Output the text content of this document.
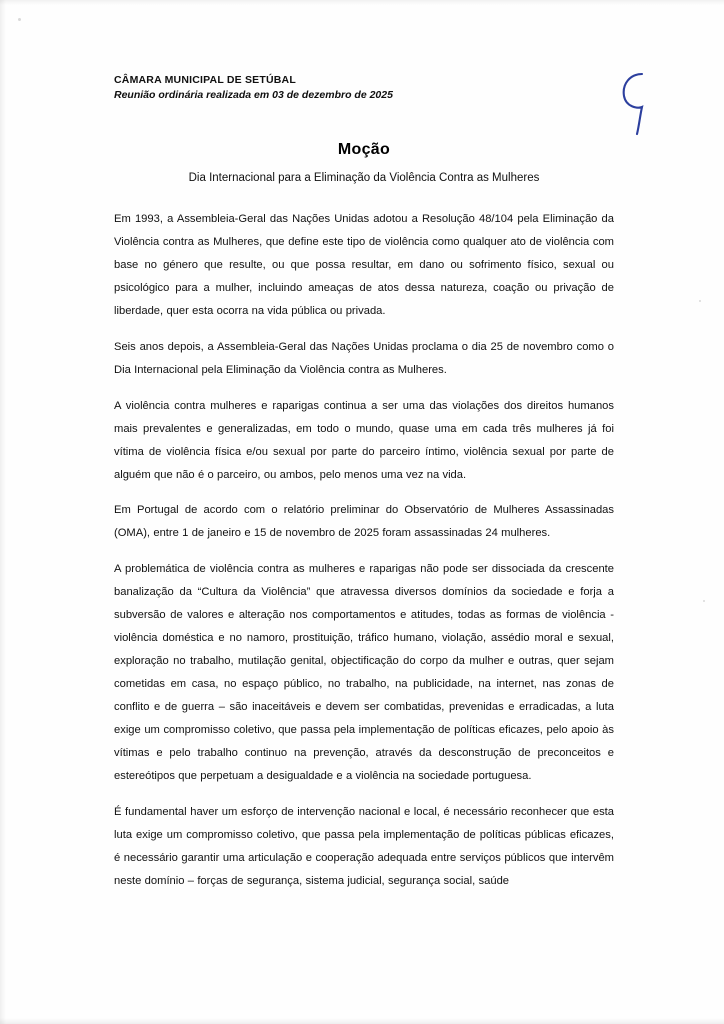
CÂMARA MUNICIPAL DE SETÚBAL
Reunião ordinária realizada em 03 de dezembro de 2025
Moção
Dia Internacional para a Eliminação da Violência Contra as Mulheres

Em 1993, a Assembleia-Geral das Nações Unidas adotou a Resolução 48/104 pela Eliminação da Violência contra as Mulheres, que define este tipo de violência como qualquer ato de violência com base no género que resulte, ou que possa resultar, em dano ou sofrimento físico, sexual ou psicológico para a mulher, incluindo ameaças de atos dessa natureza, coação ou privação de liberdade, quer esta ocorra na vida pública ou privada.

Seis anos depois, a Assembleia-Geral das Nações Unidas proclama o dia 25 de novembro como o Dia Internacional pela Eliminação da Violência contra as Mulheres.

A violência contra mulheres e raparigas continua a ser uma das violações dos direitos humanos mais prevalentes e generalizadas, em todo o mundo, quase uma em cada três mulheres já foi vítima de violência física e/ou sexual por parte do parceiro íntimo, violência sexual por parte de alguém que não é o parceiro, ou ambos, pelo menos uma vez na vida.

Em Portugal de acordo com o relatório preliminar do Observatório de Mulheres Assassinadas (OMA), entre 1 de janeiro e 15 de novembro de 2025 foram assassinadas 24 mulheres.

A problemática de violência contra as mulheres e raparigas não pode ser dissociada da crescente banalização da “Cultura da Violência” que atravessa diversos domínios da sociedade e forja a subversão de valores e alteração nos comportamentos e atitudes, todas as formas de violência - violência doméstica e no namoro, prostituição, tráfico humano, violação, assédio moral e sexual, exploração no trabalho, mutilação genital, objectificação do corpo da mulher e outras, quer sejam cometidas em casa, no espaço público, no trabalho, na publicidade, na internet, nas zonas de conflito e de guerra – são inaceitáveis e devem ser combatidas, prevenidas e erradicadas, a luta exige um compromisso coletivo, que passa pela implementação de políticas eficazes, pelo apoio às vítimas e pelo trabalho continuo na prevenção, através da desconstrução de preconceitos e estereótipos que perpetuam a desigualdade e a violência na sociedade portuguesa.

É fundamental haver um esforço de intervenção nacional e local, é necessário reconhecer que esta luta exige um compromisso coletivo, que passa pela implementação de políticas públicas eficazes, é necessário garantir uma articulação e cooperação adequada entre serviços públicos que intervêm neste domínio – forças de segurança, sistema judicial, segurança social, saúde
